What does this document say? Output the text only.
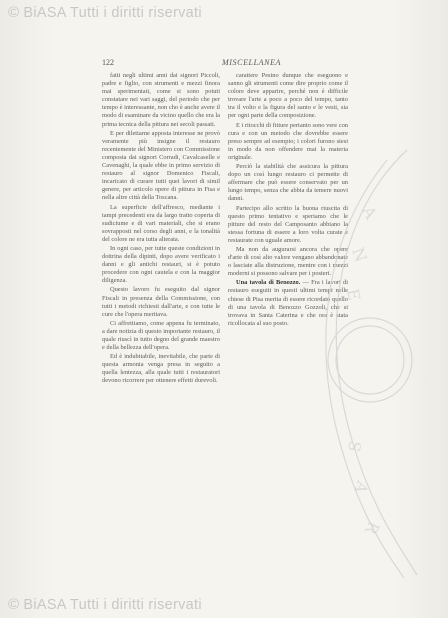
© BiASA Tutti i diritti riservati
122	MISCELLANEA

fatti negli ultimi anni dai signori Piccoli, padre e figlio, con strumenti e mezzi finora mai sperimentati, come si sono potuti constatare nei vari saggi, del periodo che per tempo è interessante, non cho è anche avere il modo di esaminare da vicino quello che era la prima tecnica della pittura nei secoli passati.

E per dilettarne apposta interesse ne provò veramente più insigne il restauro recentemente del Ministero con Commissione composta dai signori Corradi, Cavalcaselle e Cavenaghi, la quale ebbe in primo servizio di restauro al signor Domenico Fiscali, incaricato di curare tutti quei lavori di simil genere, per articolo opere di pittura in Fisa e nella altre città della Toscana.

La superficie dell'affresco, mediante i tampi precedenti era da largo tratto coperta di sudiciume e di vari materiali, che si erano sovrapposti nel corso degli anni, e la tonalità del colore ne era tutta alterata.

In ogni caso, per tutte queste condizioni in dottrina della dipinti, dopo avere verificato i danni e gli antichi restauri, si è potuto procedere con ogni cautela e con la maggior diligenza.

Questo lavoro fu eseguito dal signor Fiscali in presenza della Commissione, con tutti i metodi richiesti dall'arte, e con tutte le cure che l'opera meritava.

Ci affrettiamo, come appena fu terminato, a dare notizia di questo importante restauro, il quale riuscì in tutto degno del grande maestro e della bellezza dell'opera.

Ed è indubitabile, inevitabile, che parte di questa armonia venga presa in seguito a quella lentezza, alla quale tutti i restauratori devono ricorrere per ottenere effetti durevoli.

carattere Pesino dunque che eseguono e sanno gli strumenti come dire proprio come il colore deve apparire, perché non è difficile trovare l'arte a poco a poco del tempo, tanto tra il volto e la figura del santo e le vesti, sia per ogni parte della composizione.

E i ritocchi di fitture pertanto sono vere con cura e con un metodo che dovrebbe essere preso sempre ad esempio; i colori furono stesi in modo da non offendere mai la materia originale.

Perciò la stabilità che assicura la pittura dopo un così lungo restauro ci permette di affermare che può essere conservato per un lungo tempo, senza che abbia da temere nuovi danni.

Partecipo allo scritto la buona riuscita di questo primo tentativo e speriamo che le pitture del resto del Camposanto abbiano la stessa fortuna di essere a loro volta curate e restaurate con uguale amore.

Ma non da augurarsi ancora che opere d'arte di così alto valore vengano abbandonate o lasciate alla distruzione, mentre con i mezzi moderni si possono salvare per i posteri.

Una tavola di Benozzo. — Fra i lavori di restauro eseguiti in questi ultimi tempi nelle chiese di Pisa merita di essere ricordato quello di una tavola di Benozzo Gozzoli, che si trovava in Santa Caterina e che ora è stata ricollocata al suo posto.

A
N
E
S
A
R
© BiASA Tutti i diritti riservati
